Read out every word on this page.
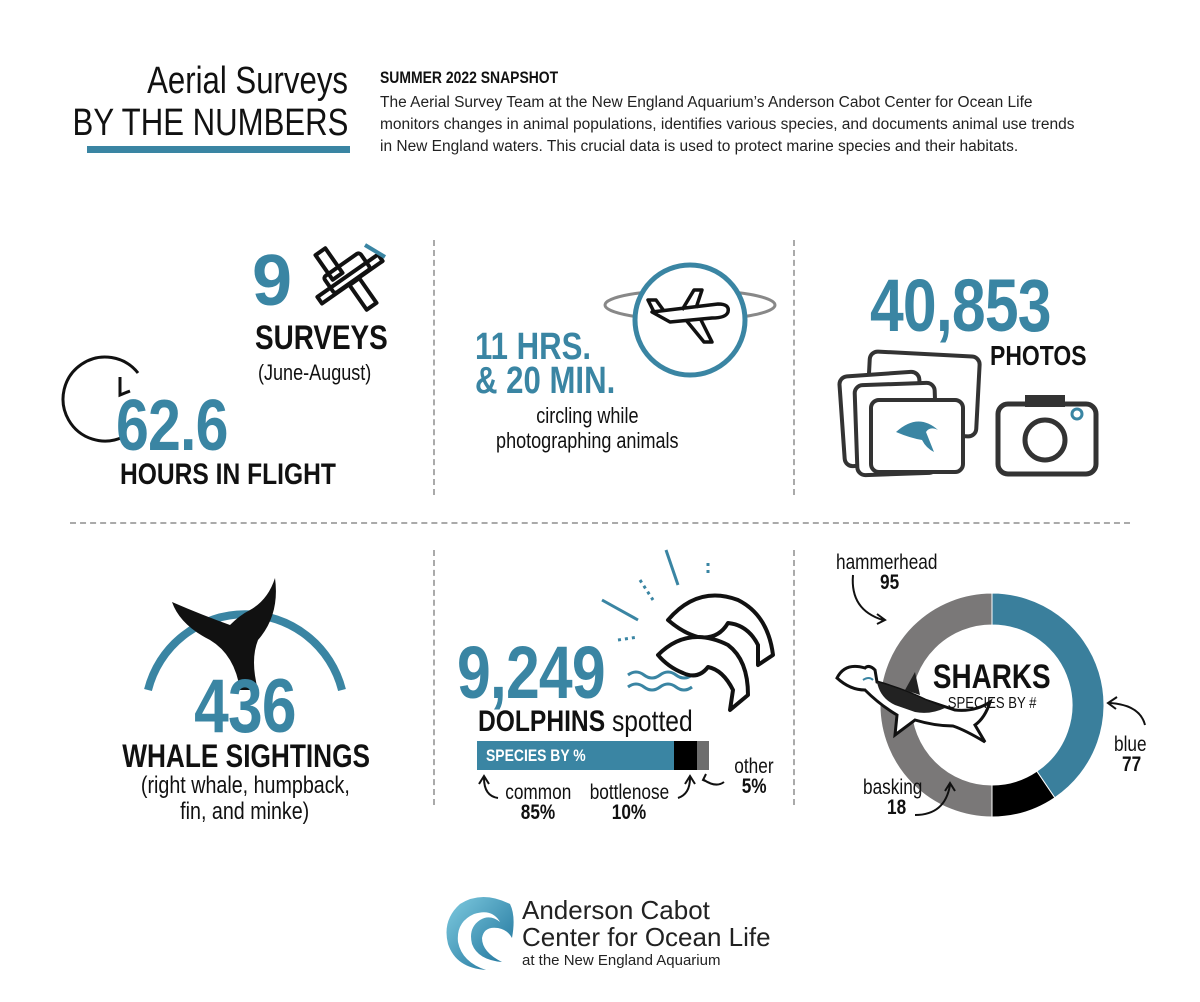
Aerial Surveys
BY THE NUMBERS
SUMMER 2022 SNAPSHOT
The Aerial Survey Team at the New England Aquarium’s Anderson Cabot Center for Ocean Life
monitors changes in animal populations, identifies various species, and documents animal use trends
in New England waters. This crucial data is used to protect marine species and their habitats.
9
SURVEYS
(June-August)
62.6
HOURS IN FLIGHT
11 HRS.
& 20 MIN.
circling while
photographing animals
40,853
PHOTOS
436
WHALE SIGHTINGS
(right whale, humpback,
fin, and minke)
9,249
DOLPHINS spotted
SPECIES BY %
common
85%
bottlenose
10%
other
5%
SHARKS
SPECIES BY #
hammerhead
95
blue
77
basking
18
Anderson Cabot
Center for Ocean Life
at the New England Aquarium
